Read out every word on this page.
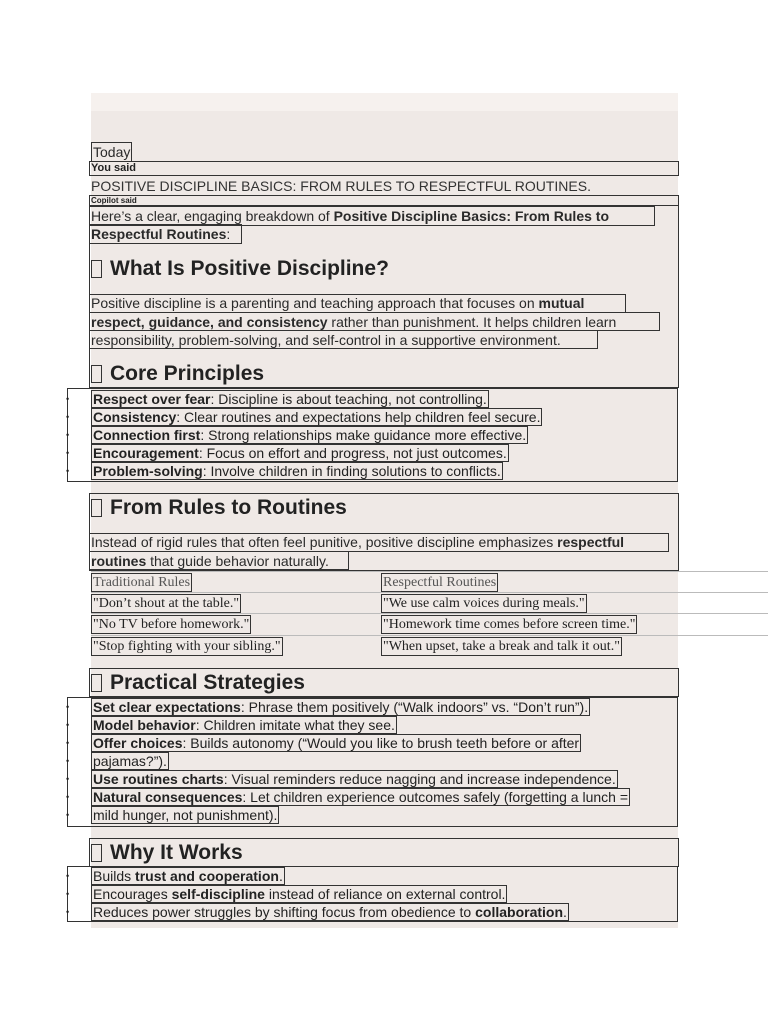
Today
You said
POSITIVE DISCIPLINE BASICS: FROM RULES TO RESPECTFUL ROUTINES.
Copilot said
Here’s a clear, engaging breakdown of Positive Discipline Basics: From Rules to
Respectful Routines:
What Is Positive Discipline?
Positive discipline is a parenting and teaching approach that focuses on mutual
respect, guidance, and consistency rather than punishment. It helps children learn
responsibility, problem-solving, and self-control in a supportive environment.
Core Principles
• Respect over fear: Discipline is about teaching, not controlling.
• Consistency: Clear routines and expectations help children feel secure.
• Connection first: Strong relationships make guidance more effective.
• Encouragement: Focus on effort and progress, not just outcomes.
• Problem-solving: Involve children in finding solutions to conflicts.
From Rules to Routines
Instead of rigid rules that often feel punitive, positive discipline emphasizes respectful
routines that guide behavior naturally.
Traditional Rules	Respectful Routines
"Don’t shout at the table."	"We use calm voices during meals."
"No TV before homework."	"Homework time comes before screen time."
"Stop fighting with your sibling."	"When upset, take a break and talk it out."
Practical Strategies
• Set clear expectations: Phrase them positively (“Walk indoors” vs. “Don’t run”).
• Model behavior: Children imitate what they see.
• Offer choices: Builds autonomy (“Would you like to brush teeth before or after
• pajamas?”).
• Use routines charts: Visual reminders reduce nagging and increase independence.
• Natural consequences: Let children experience outcomes safely (forgetting a lunch =
• mild hunger, not punishment).
Why It Works
• Builds trust and cooperation.
• Encourages self-discipline instead of reliance on external control.
• Reduces power struggles by shifting focus from obedience to collaboration.
